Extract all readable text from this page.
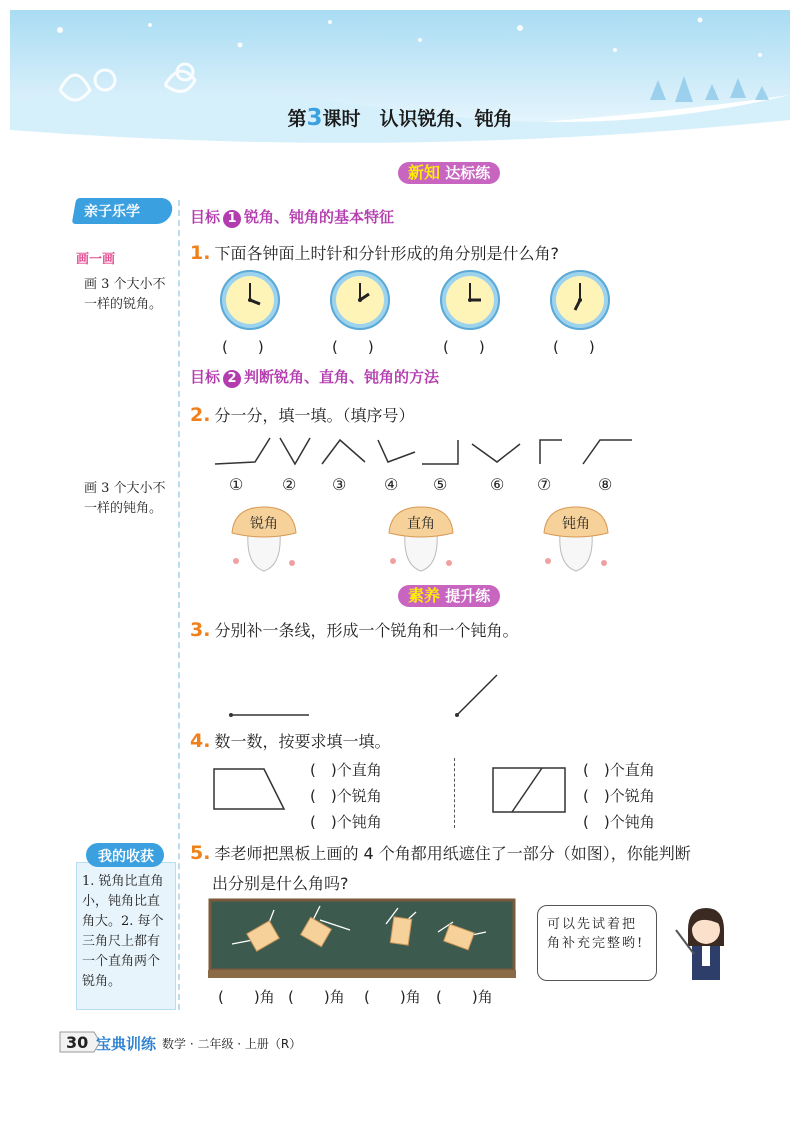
第3课时　 认识锐角、钝角
亲子乐学
画一画
画 3 个大小不一样的锐角。
画 3 个大小不一样的钝角。
我的收获
1. 锐角比直角小，钝角比直角大。2. 每个三角尺上都有一个直角两个锐角。
新知 达标练
目标 1 锐角、钝角的基本特征
1. 下面各钟面上时针和分针形成的角分别是什么角?
(　　)	(　　)	(　　)	(　　)
目标 2 判断锐角、直角、钝角的方法
2. 分一分，填一填。（填序号）
① ② ③ ④ ⑤	⑥ ⑦	⑧
锐角	直角	钝角
素养 提升练
3. 分别补一条线，形成一个锐角和一个钝角。
4. 数一数，按要求填一填。
(　)个直角
(　)个锐角
(　)个钝角
(　)个直角
(　)个锐角
(　)个钝角
5. 李老师把黑板上画的 4 个角都用纸遮住了一部分（如图），你能判断
出分别是什么角吗?
(　　)角 (　　)角 (　　)角 (　　)角
可以先试着把角补充完整哟!
30 宝典训练 数学 · 二年级 · 上册（R）
